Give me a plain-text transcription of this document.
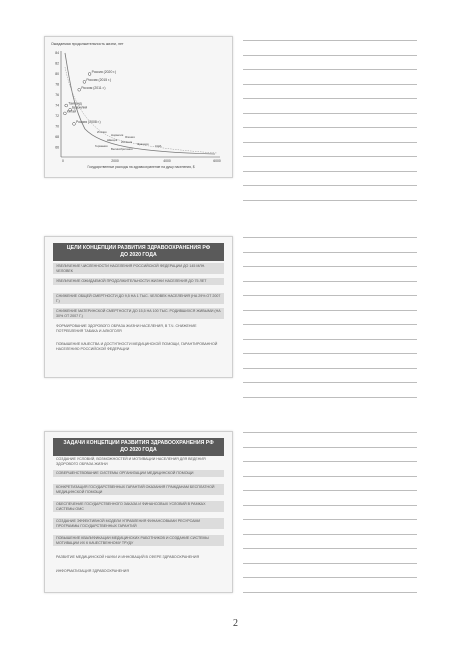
Ожидаемая продолжительность жизни, лет
84
82
80
78
76
74
72
70
68
66
0	2000	4000	6000
Россия (2020 г.)
Россия (2015 г.)
Россия (2011 г.)
Таиланд
Бразилия
Россия (2008 г.)
Китай
Италия
Норвегия Япония
Швеция Испания Франция США
Германия
Великобритания
Государственные расходы на здравоохранение на душу населения, $
ЦЕЛИ КОНЦЕПЦИИ РАЗВИТИЯ ЗДРАВООХРАНЕНИЯ РФ
ДО 2020 ГОДА
УВЕЛИЧЕНИЕ ЧИСЛЕННОСТИ НАСЕЛЕНИЯ РОССИЙСКОЙ ФЕДЕРАЦИИ ДО 145 МЛН. ЧЕЛОВЕК
УВЕЛИЧЕНИЕ ОЖИДАЕМОЙ ПРОДОЛЖИТЕЛЬНОСТИ ЖИЗНИ НАСЕЛЕНИЯ ДО 75 ЛЕТ
СНИЖЕНИЕ ОБЩЕЙ СМЕРТНОСТИ ДО 9,5 НА 1 ТЫС. ЧЕЛОВЕК НАСЕЛЕНИЯ (НА 29% ОТ 2007 Г.)
СНИЖЕНИЕ МАТЕРИНСКОЙ СМЕРТНОСТИ ДО 15,5 НА 100 ТЫС. РОДИВШИХСЯ ЖИВЫМИ (НА 30% ОТ 2007 Г.)
ФОРМИРОВАНИЕ ЗДОРОВОГО ОБРАЗА ЖИЗНИ НАСЕЛЕНИЯ, В Т.Ч. СНИЖЕНИЕ ПОТРЕБЛЕНИЯ ТАБАКА И АЛКОГОЛЯ
ПОВЫШЕНИЕ КАЧЕСТВА И ДОСТУПНОСТИ МЕДИЦИНСКОЙ ПОМОЩИ, ГАРАНТИРОВАННОЙ НАСЕЛЕНИЮ РОССИЙСКОЙ ФЕДЕРАЦИИ
ЗАДАЧИ КОНЦЕПЦИИ РАЗВИТИЯ ЗДРАВООХРАНЕНИЯ РФ
ДО 2020 ГОДА
СОЗДАНИЕ УСЛОВИЙ, ВОЗМОЖНОСТЕЙ И МОТИВАЦИИ НАСЕЛЕНИЯ ДЛЯ ВЕДЕНИЯ ЗДОРОВОГО ОБРАЗА ЖИЗНИ
СОВЕРШЕНСТВОВАНИЕ СИСТЕМЫ ОРГАНИЗАЦИИ МЕДИЦИНСКОЙ ПОМОЩИ
КОНКРЕТИЗАЦИЯ ГОСУДАРСТВЕННЫХ ГАРАНТИЙ ОКАЗАНИЯ ГРАЖДАНАМ БЕСПЛАТНОЙ МЕДИЦИНСКОЙ ПОМОЩИ
ОБЕСПЕЧЕНИЕ ГОСУДАРСТВЕННОГО ЗАКАЗА И ФИНАНСОВЫХ УСЛОВИЙ В РАМКАХ СИСТЕМЫ ОМС
СОЗДАНИЕ ЭФФЕКТИВНОЙ МОДЕЛИ УПРАВЛЕНИЯ ФИНАНСОВЫМИ РЕСУРСАМИ ПРОГРАММЫ ГОСУДАРСТВЕННЫХ ГАРАНТИЙ
ПОВЫШЕНИЕ КВАЛИФИКАЦИИ МЕДИЦИНСКИХ РАБОТНИКОВ И СОЗДАНИЕ СИСТЕМЫ МОТИВАЦИИ ИХ К КАЧЕСТВЕННОМУ ТРУДУ
РАЗВИТИЕ МЕДИЦИНСКОЙ НАУКИ И ИННОВАЦИЙ В СФЕРЕ ЗДРАВООХРАНЕНИЯ
ИНФОРМАТИЗАЦИЯ ЗДРАВООХРАНЕНИЯ
2
